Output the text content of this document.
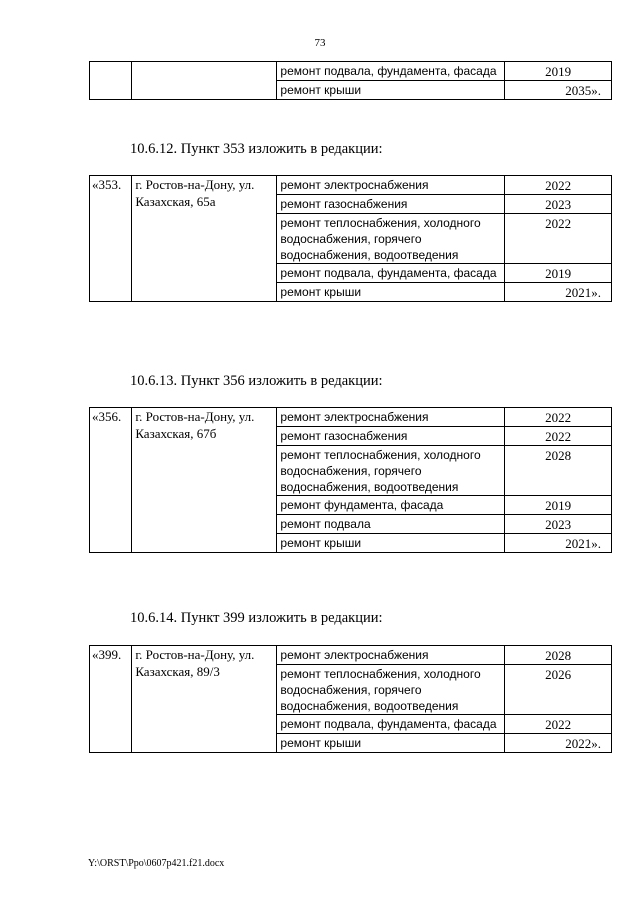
73
		ремонт подвала, фундамента, фасада	2019
		ремонт крыши	2035».
10.6.12. Пункт 353 изложить в редакции:
«353.	г. Ростов-на-Дону, ул. Казахская, 65а	ремонт электроснабжения	2022
		ремонт газоснабжения	2023
		ремонт теплоснабжения, холодного водоснабжения, горячего водоснабжения, водоотведения	2022
		ремонт подвала, фундамента, фасада	2019
		ремонт крыши	2021».
10.6.13. Пункт 356 изложить в редакции:
«356.	г. Ростов-на-Дону, ул. Казахская, 67б	ремонт электроснабжения	2022
		ремонт газоснабжения	2022
		ремонт теплоснабжения, холодного водоснабжения, горячего водоснабжения, водоотведения	2028
		ремонт фундамента, фасада	2019
		ремонт подвала	2023
		ремонт крыши	2021».
10.6.14. Пункт 399 изложить в редакции:
«399.	г. Ростов-на-Дону, ул. Казахская, 89/3	ремонт электроснабжения	2028
		ремонт теплоснабжения, холодного водоснабжения, горячего водоснабжения, водоотведения	2026
		ремонт подвала, фундамента, фасада	2022
		ремонт крыши	2022».
Y:\ORST\Ppo\0607p421.f21.docx
